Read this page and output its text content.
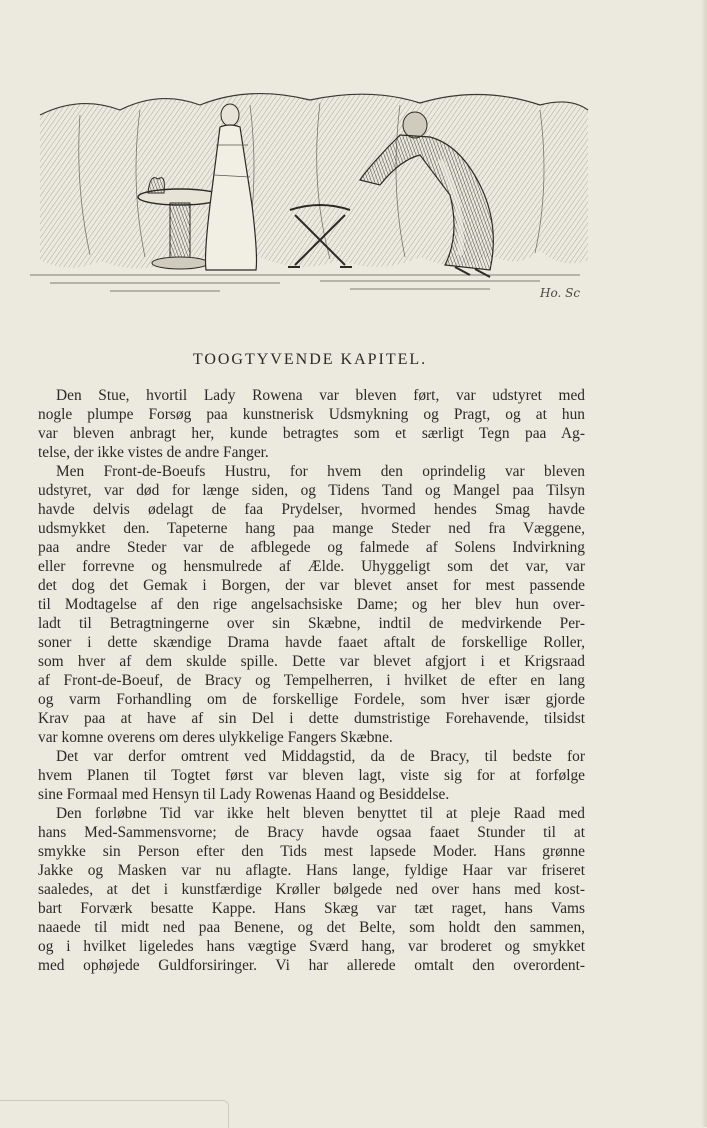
Ho. Sc
TOOGTYVENDE KAPITEL.
Den Stue, hvortil Lady Rowena var bleven ført, var udstyret med
nogle plumpe Forsøg paa kunstnerisk Udsmykning og Pragt, og at hun
var bleven anbragt her, kunde betragtes som et særligt Tegn paa Ag-
telse, der ikke vistes de andre Fanger.
Men Front-de-Boeufs Hustru, for hvem den oprindelig var bleven
udstyret, var død for længe siden, og Tidens Tand og Mangel paa Tilsyn
havde delvis ødelagt de faa Prydelser, hvormed hendes Smag havde
udsmykket den. Tapeterne hang paa mange Steder ned fra Væggene,
paa andre Steder var de afblegede og falmede af Solens Indvirkning
eller forrevne og hensmulrede af Ælde. Uhyggeligt som det var, var
det dog det Gemak i Borgen, der var blevet anset for mest passende
til Modtagelse af den rige angelsachsiske Dame; og her blev hun over-
ladt til Betragtningerne over sin Skæbne, indtil de medvirkende Per-
soner i dette skændige Drama havde faaet aftalt de forskellige Roller,
som hver af dem skulde spille. Dette var blevet afgjort i et Krigsraad
af Front-de-Boeuf, de Bracy og Tempelherren, i hvilket de efter en lang
og varm Forhandling om de forskellige Fordele, som hver især gjorde
Krav paa at have af sin Del i dette dumstristige Forehavende, tilsidst
var komne overens om deres ulykkelige Fangers Skæbne.
Det var derfor omtrent ved Middagstid, da de Bracy, til bedste for
hvem Planen til Togtet først var bleven lagt, viste sig for at forfølge
sine Formaal med Hensyn til Lady Rowenas Haand og Besiddelse.
Den forløbne Tid var ikke helt bleven benyttet til at pleje Raad med
hans Med-Sammensvorne; de Bracy havde ogsaa faaet Stunder til at
smykke sin Person efter den Tids mest lapsede Moder. Hans grønne
Jakke og Masken var nu aflagte. Hans lange, fyldige Haar var friseret
saaledes, at det i kunstfærdige Krøller bølgede ned over hans med kost-
bart Forværk besatte Kappe. Hans Skæg var tæt raget, hans Vams
naaede til midt ned paa Benene, og det Belte, som holdt den sammen,
og i hvilket ligeledes hans vægtige Sværd hang, var broderet og smykket
med ophøjede Guldforsiringer. Vi har allerede omtalt den overordent-
